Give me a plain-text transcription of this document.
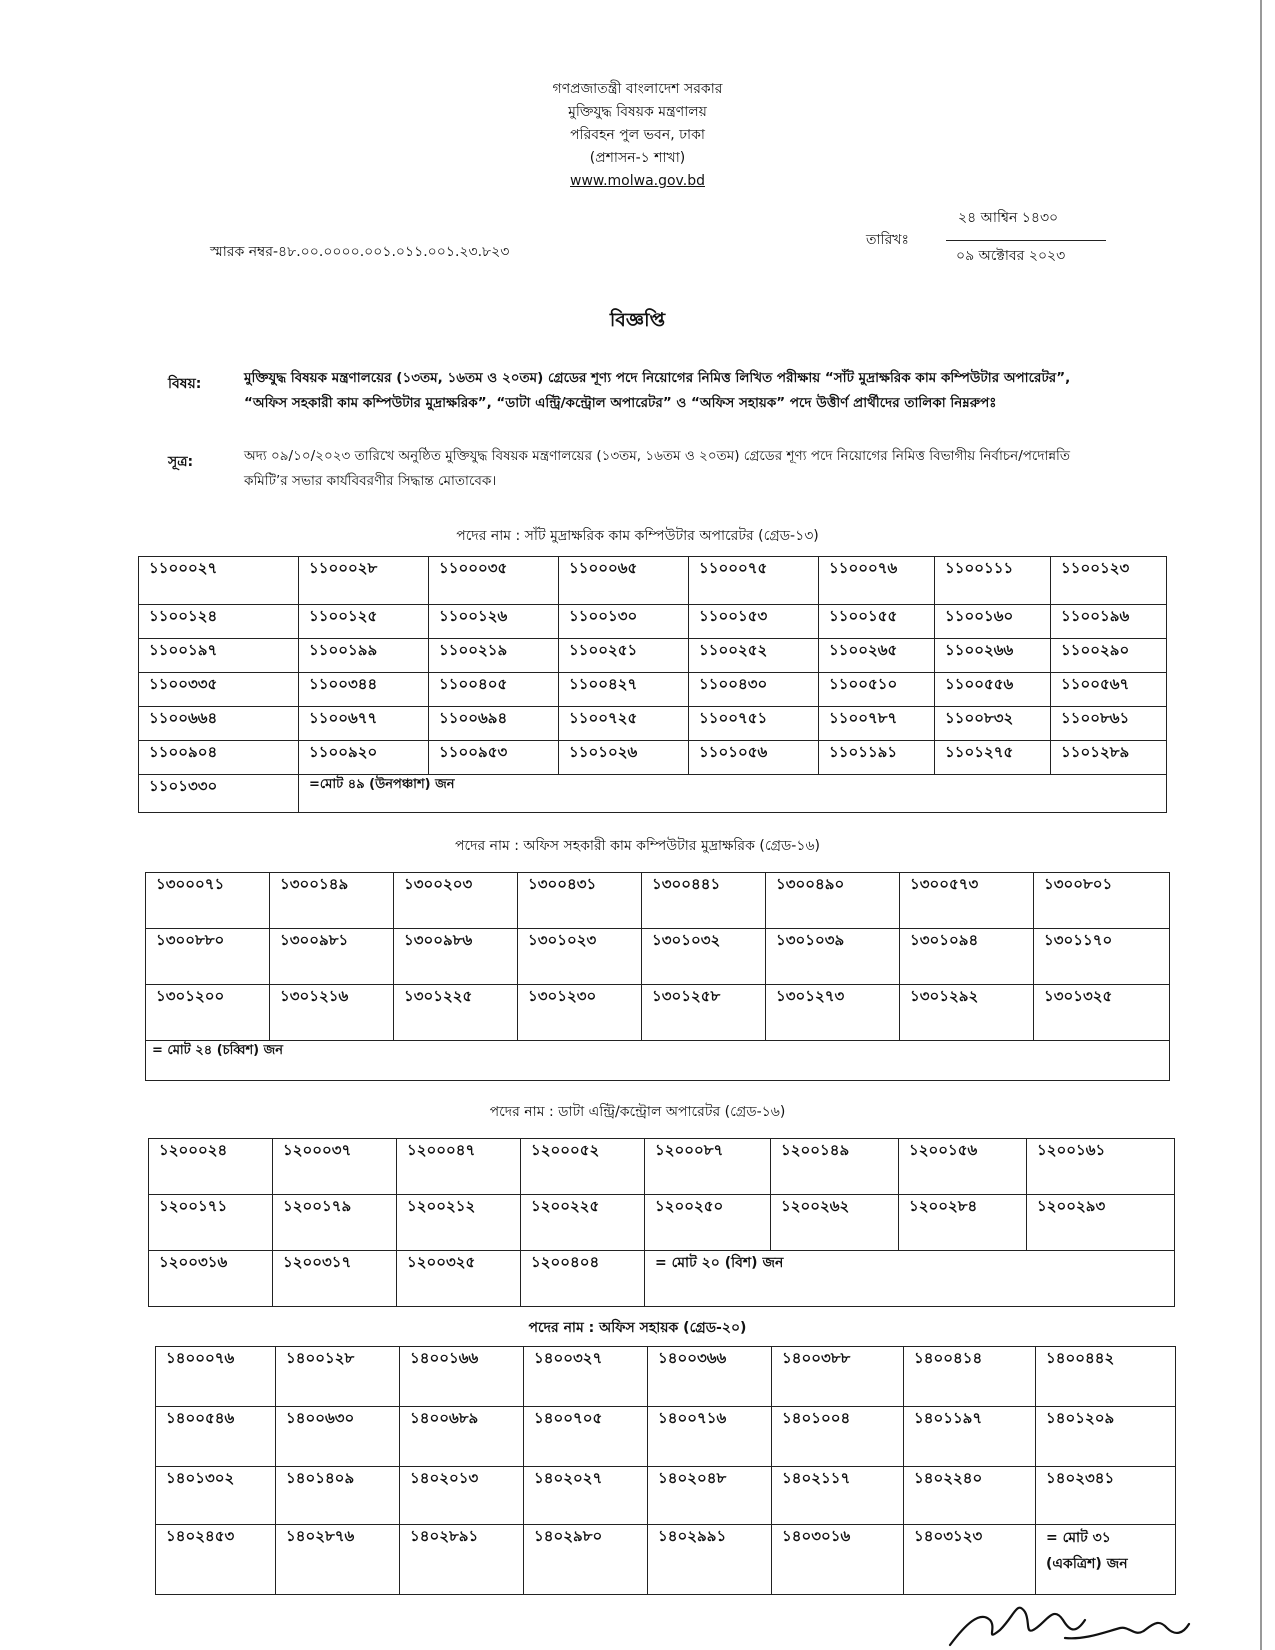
গণপ্রজাতন্ত্রী বাংলাদেশ সরকার
মুক্তিযুদ্ধ বিষয়ক মন্ত্রণালয়
পরিবহন পুল ভবন, ঢাকা
(প্রশাসন-১ শাখা)
www.molwa.gov.bd
স্মারক নম্বর-৪৮.০০.০০০০.০০১.০১১.০০১.২৩.৮২৩
তারিখঃ
২৪ আশ্বিন ১৪৩০
০৯ অক্টোবর ২০২৩
বিজ্ঞপ্তি
বিষয়:	মুক্তিযুদ্ধ বিষয়ক মন্ত্রণালয়ের (১৩তম, ১৬তম ও ২০তম) গ্রেডের শূণ্য পদে নিয়োগের নিমিত্ত লিখিত পরীক্ষায় “সাঁট মুদ্রাক্ষরিক কাম কম্পিউটার অপারেটর”,
“অফিস সহকারী কাম কম্পিউটার মুদ্রাক্ষরিক”, “ডাটা এন্ট্রি/কন্ট্রোল অপারেটর” ও “অফিস সহায়ক” পদে উত্তীর্ণ প্রার্থীদের তালিকা নিম্নরুপঃ
সূত্র:	অদ্য ০৯/১০/২০২৩ তারিখে অনুষ্ঠিত মুক্তিযুদ্ধ বিষয়ক মন্ত্রণালয়ের (১৩তম, ১৬তম ও ২০তম) গ্রেডের শূণ্য পদে নিয়োগের নিমিত্ত বিভাগীয় নির্বাচন/পদোন্নতি
কমিটি’র সভার কার্যবিবরণীর সিদ্ধান্ত মোতাবেক।
পদের নাম : সাঁট মুদ্রাক্ষরিক কাম কম্পিউটার অপারেটর (গ্রেড-১৩)
১১০০০২৭	১১০০০২৮	১১০০০৩৫	১১০০০৬৫	১১০০০৭৫	১১০০০৭৬	১১০০১১১	১১০০১২৩
১১০০১২৪	১১০০১২৫	১১০০১২৬	১১০০১৩০	১১০০১৫৩	১১০০১৫৫	১১০০১৬০	১১০০১৯৬
১১০০১৯৭	১১০০১৯৯	১১০০২১৯	১১০০২৫১	১১০০২৫২	১১০০২৬৫	১১০০২৬৬	১১০০২৯০
১১০০৩৩৫	১১০০৩৪৪	১১০০৪০৫	১১০০৪২৭	১১০০৪৩০	১১০০৫১০	১১০০৫৫৬	১১০০৫৬৭
১১০০৬৬৪	১১০০৬৭৭	১১০০৬৯৪	১১০০৭২৫	১১০০৭৫১	১১০০৭৮৭	১১০০৮৩২	১১০০৮৬১
১১০০৯০৪	১১০০৯২০	১১০০৯৫৩	১১০১০২৬	১১০১০৫৬	১১০১১৯১	১১০১২৭৫	১১০১২৮৯
১১০১৩৩০	=মোট ৪৯ (উনপঞ্চাশ) জন						
পদের নাম : অফিস সহকারী কাম কম্পিউটার মুদ্রাক্ষরিক (গ্রেড-১৬)
১৩০০০৭১	১৩০০১৪৯	১৩০০২০৩	১৩০০৪৩১	১৩০০৪৪১	১৩০০৪৯০	১৩০০৫৭৩	১৩০০৮০১
১৩০০৮৮০	১৩০০৯৮১	১৩০০৯৮৬	১৩০১০২৩	১৩০১০৩২	১৩০১০৩৯	১৩০১০৯৪	১৩০১১৭০
১৩০১২০০	১৩০১২১৬	১৩০১২২৫	১৩০১২৩০	১৩০১২৫৮	১৩০১২৭৩	১৩০১২৯২	১৩০১৩২৫
= মোট ২৪ (চব্বিশ) জন							
পদের নাম : ডাটা এন্ট্রি/কন্ট্রোল অপারেটর (গ্রেড-১৬)
১২০০০২৪	১২০০০৩৭	১২০০০৪৭	১২০০০৫২	১২০০০৮৭	১২০০১৪৯	১২০০১৫৬	১২০০১৬১
১২০০১৭১	১২০০১৭৯	১২০০২১২	১২০০২২৫	১২০০২৫০	১২০০২৬২	১২০০২৮৪	১২০০২৯৩
১২০০৩১৬	১২০০৩১৭	১২০০৩২৫	১২০০৪০৪	= মোট ২০ (বিশ) জন			
পদের নাম : অফিস সহায়ক (গ্রেড-২০)
১৪০০০৭৬	১৪০০১২৮	১৪০০১৬৬	১৪০০৩২৭	১৪০০৩৬৬	১৪০০৩৮৮	১৪০০৪১৪	১৪০০৪৪২
১৪০০৫৪৬	১৪০০৬৩০	১৪০০৬৮৯	১৪০০৭০৫	১৪০০৭১৬	১৪০১০০৪	১৪০১১৯৭	১৪০১২০৯
১৪০১৩০২	১৪০১৪০৯	১৪০২০১৩	১৪০২০২৭	১৪০২০৪৮	১৪০২১১৭	১৪০২২৪০	১৪০২৩৪১
১৪০২৪৫৩	১৪০২৮৭৬	১৪০২৮৯১	১৪০২৯৮০	১৪০২৯৯১	১৪০৩০১৬	১৪০৩১২৩	= মোট ৩১
(একত্রিশ) জন
